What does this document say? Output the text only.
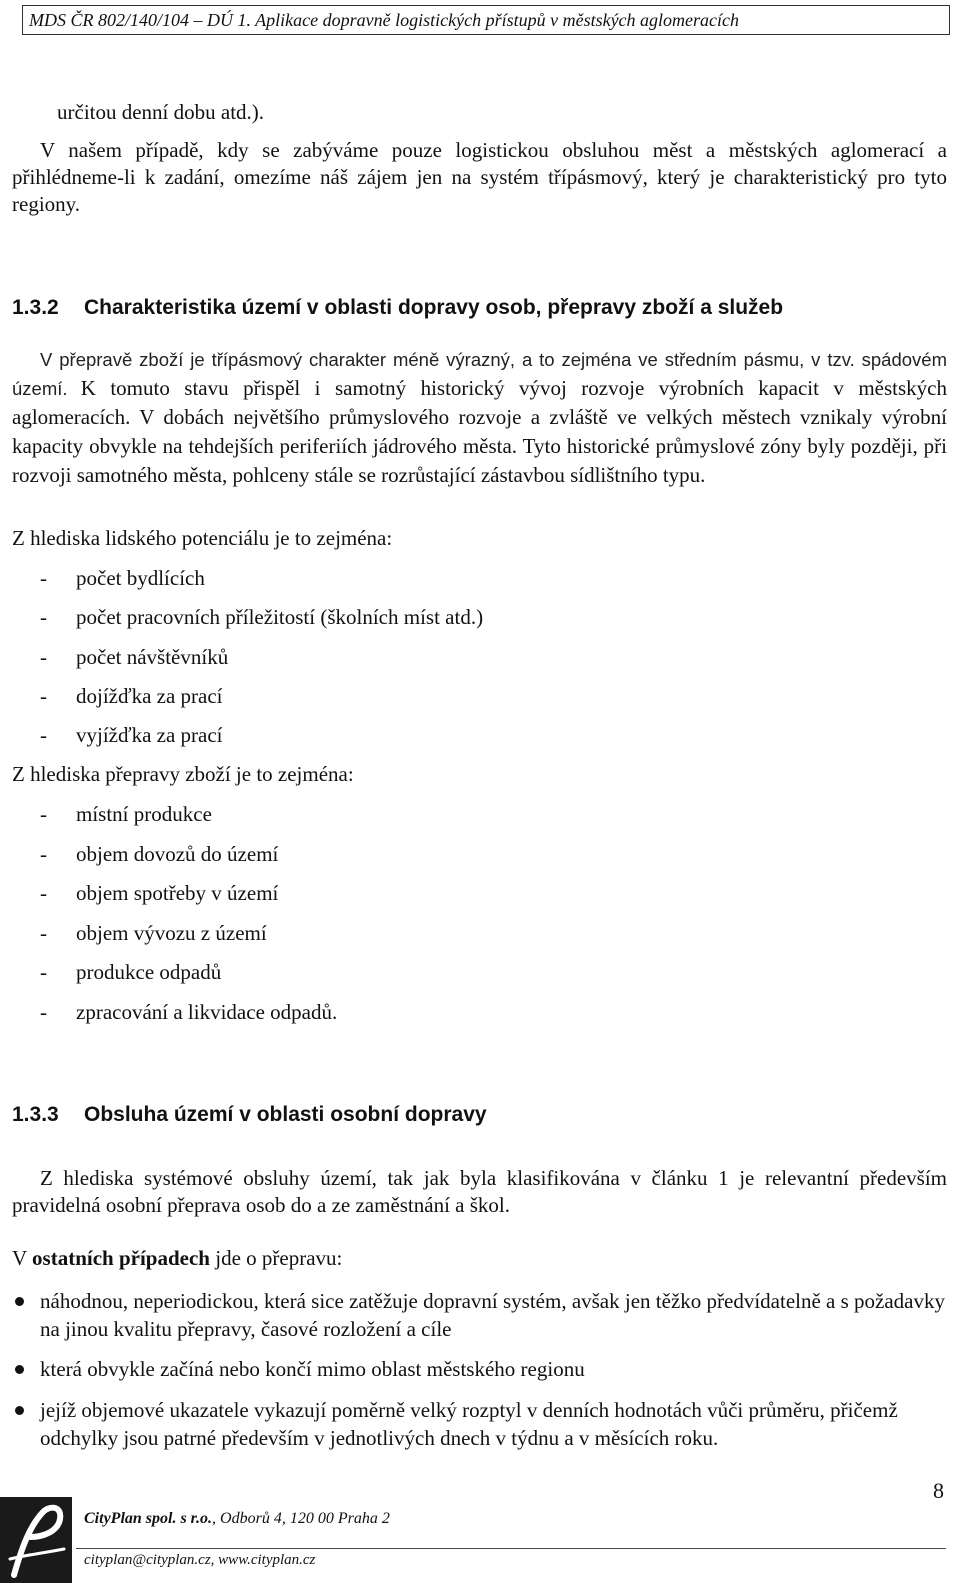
MDS ČR 802/140/104 – DÚ 1. Aplikace dopravně logistických přístupů v městských aglomeracích
určitou denní dobu atd.).

V našem případě, kdy se zabýváme pouze logistickou obsluhou měst a městských aglomerací a přihlédneme-li k zadání, omezíme náš zájem jen na systém třípásmový, který je charakteristický pro tyto regiony.

1.3.2 Charakteristika území v oblasti dopravy osob, přepravy zboží a služeb
V přepravě zboží je třípásmový charakter méně výrazný, a to zejména ve středním pásmu, v tzv. spádovém území. K tomuto stavu přispěl i samotný historický vývoj rozvoje výrobních kapacit v městských aglomeracích. V dobách největšího průmyslového rozvoje a zvláště ve velkých městech vznikaly výrobní kapacity obvykle na tehdejších periferiích jádrového města. Tyto historické průmyslové zóny byly později, při rozvoji samotného města, pohlceny stále se rozrůstající zástavbou sídlištního typu.
Z hlediska lidského potenciálu je to zejména:
- počet bydlících
- počet pracovních příležitostí (školních míst atd.)
- počet návštěvníků
- dojížďka za prací
- vyjížďka za prací
Z hlediska přepravy zboží je to zejména:
- místní produkce
- objem dovozů do území
- objem spotřeby v území
- objem vývozu z území
- produkce odpadů
- zpracování a likvidace odpadů.
1.3.3 Obsluha území v oblasti osobní dopravy

Z hlediska systémové obsluhy území, tak jak byla klasifikována v článku 1 je relevantní především pravidelná osobní přeprava osob do a ze zaměstnání a škol.

V ostatních případech jde o přepravu:
náhodnou, neperiodickou, která sice zatěžuje dopravní systém, avšak jen těžko předvídatelně a s požadavky na jinou kvalitu přepravy, časové rozložení a cíle
která obvykle začíná nebo končí mimo oblast městského regionu
jejíž objemové ukazatele vykazují poměrně velký rozptyl v denních hodnotách vůči průměru, přičemž odchylky jsou patrné především v jednotlivých dnech v týdnu a v měsících roku.
8
CityPlan spol. s r.o., Odborů 4, 120 00 Praha 2
cityplan@cityplan.cz, www.cityplan.cz
